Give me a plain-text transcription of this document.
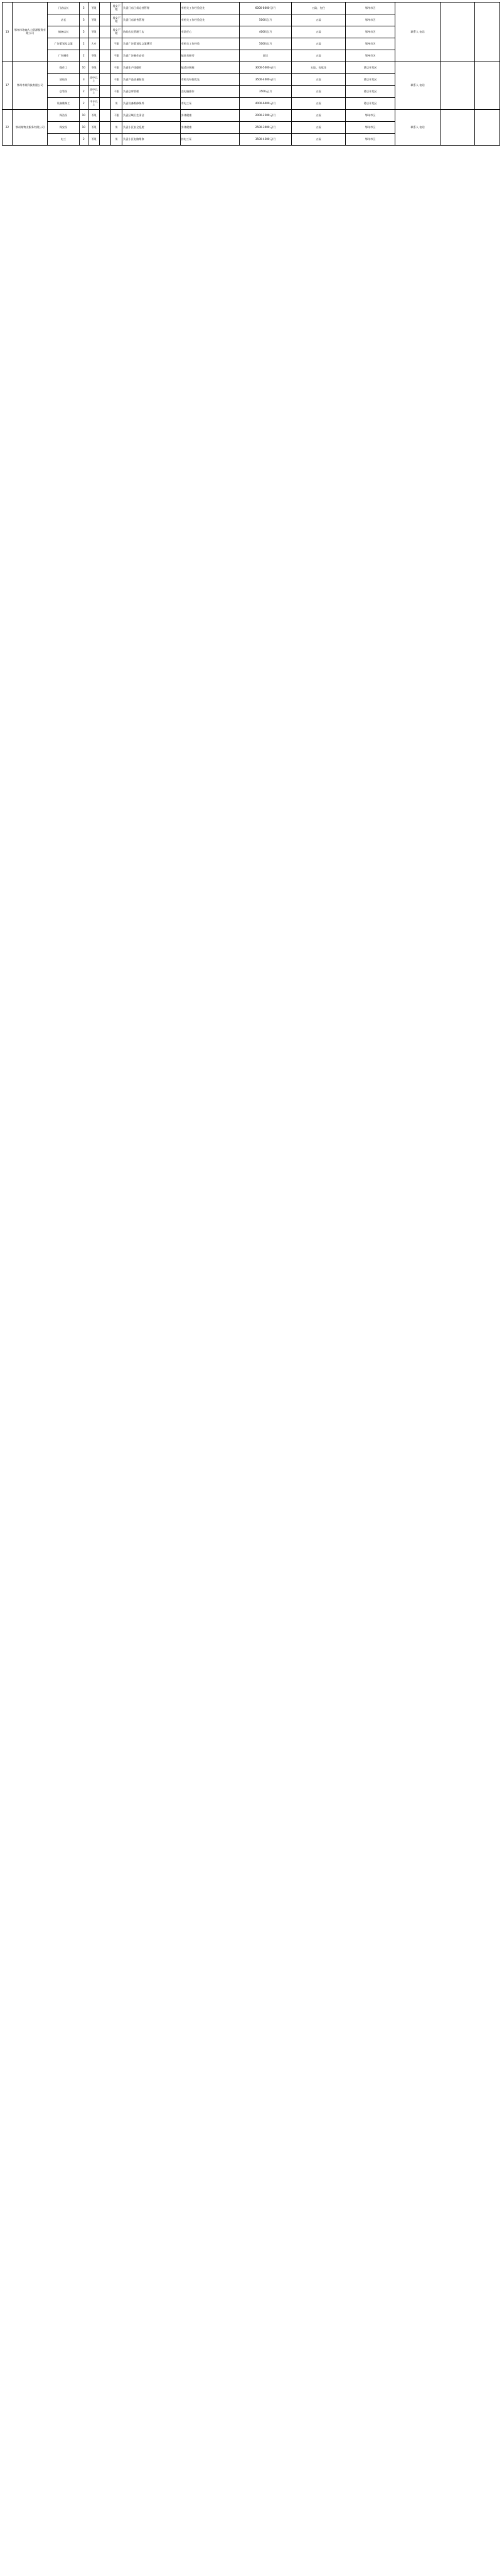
13	鄂州市珞珈人力资源服务有限公司	门店店长	5	不限		男女不限	负责门店日常运营管理	有相关工作经验优先	6000-8000元/月	五险、包住	鄂州市区	联系人 电话		
		店长	3	不限		男女不限	负责门店销售管理	有相关工作经验优先	5000元/月	五险	鄂州市区			
		储备店长	5	不限		男女不限	协助店长管理门店	有责任心	4000元/月	五险	鄂州市区			
		广告策划及文案	2	大专		不限	负责广告策划及文案撰写	有相关工作经验	5000元/月	五险	鄂州市区			
		广告制作	2	不限		不限	负责广告制作安装	能吃苦耐劳	面议	五险	鄂州市区			
17	鄂州市某科技有限公司	操作工	10	不限		不限	负责生产线操作	能适应倒班	3000-5000元/月	五险、包吃住	葛店开发区	联系人 电话		
		质检员	3	高中以上		不限	负责产品质量检验	有相关经验优先	3500-4000元/月	五险	葛店开发区			
		仓管员	2	高中以上		不限	负责仓库管理	会电脑操作	3500元/月	五险	葛店开发区			
		设备维修工	2	中专以上		男	负责设备维修保养	有电工证	4000-6000元/月	五险	葛店开发区			
22	鄂州某物业服务有限公司	保洁员	10	不限		不限	负责区域卫生清洁	身体健康	2000-2500元/月	五险	鄂州市区	联系人 电话		
		保安员	10	不限		男	负责小区安全巡逻	身体健康	2500-3000元/月	五险	鄂州市区			
		电工	2	不限		男	负责小区电路维修	持电工证	3500-4500元/月	五险	鄂州市区			
